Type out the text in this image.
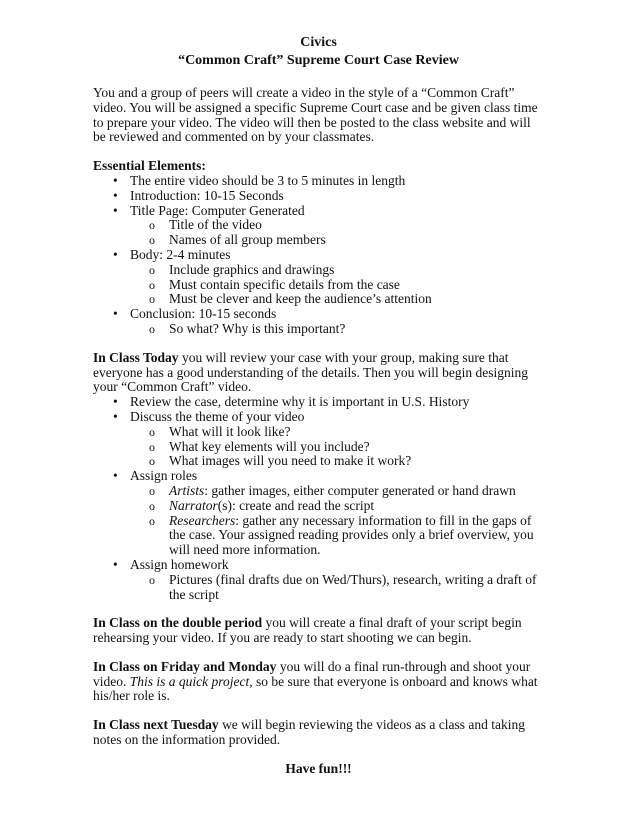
Civics
“Common Craft” Supreme Court Case Review

You and a group of peers will create a video in the style of a “Common Craft” video. You will be assigned a specific Supreme Court case and be given class time to prepare your video. The video will then be posted to the class website and will be reviewed and commented on by your classmates.

Essential Elements:

• The entire video should be 3 to 5 minutes in length
• Introduction: 10-15 Seconds
• Title Page: Computer Generated
o Title of the video
o Names of all group members
• Body: 2-4 minutes
o Include graphics and drawings
o Must contain specific details from the case
o Must be clever and keep the audience’s attention
• Conclusion: 10-15 seconds
o So what? Why is this important?

In Class Today you will review your case with your group, making sure that everyone has a good understanding of the details. Then you will begin designing your “Common Craft” video.

• Review the case, determine why it is important in U.S. History
• Discuss the theme of your video
o What will it look like?
o What key elements will you include?
o What images will you need to make it work?
• Assign roles
o Artists: gather images, either computer generated or hand drawn
o Narrator(s): create and read the script
o Researchers: gather any necessary information to fill in the gaps of the case. Your assigned reading provides only a brief overview, you will need more information.
• Assign homework
o Pictures (final drafts due on Wed/Thurs), research, writing a draft of the script

In Class on the double period you will create a final draft of your script begin rehearsing your video. If you are ready to start shooting we can begin.

In Class on Friday and Monday you will do a final run-through and shoot your video. This is a quick project, so be sure that everyone is onboard and knows what his/her role is.

In Class next Tuesday we will begin reviewing the videos as a class and taking notes on the information provided.

Have fun!!!
